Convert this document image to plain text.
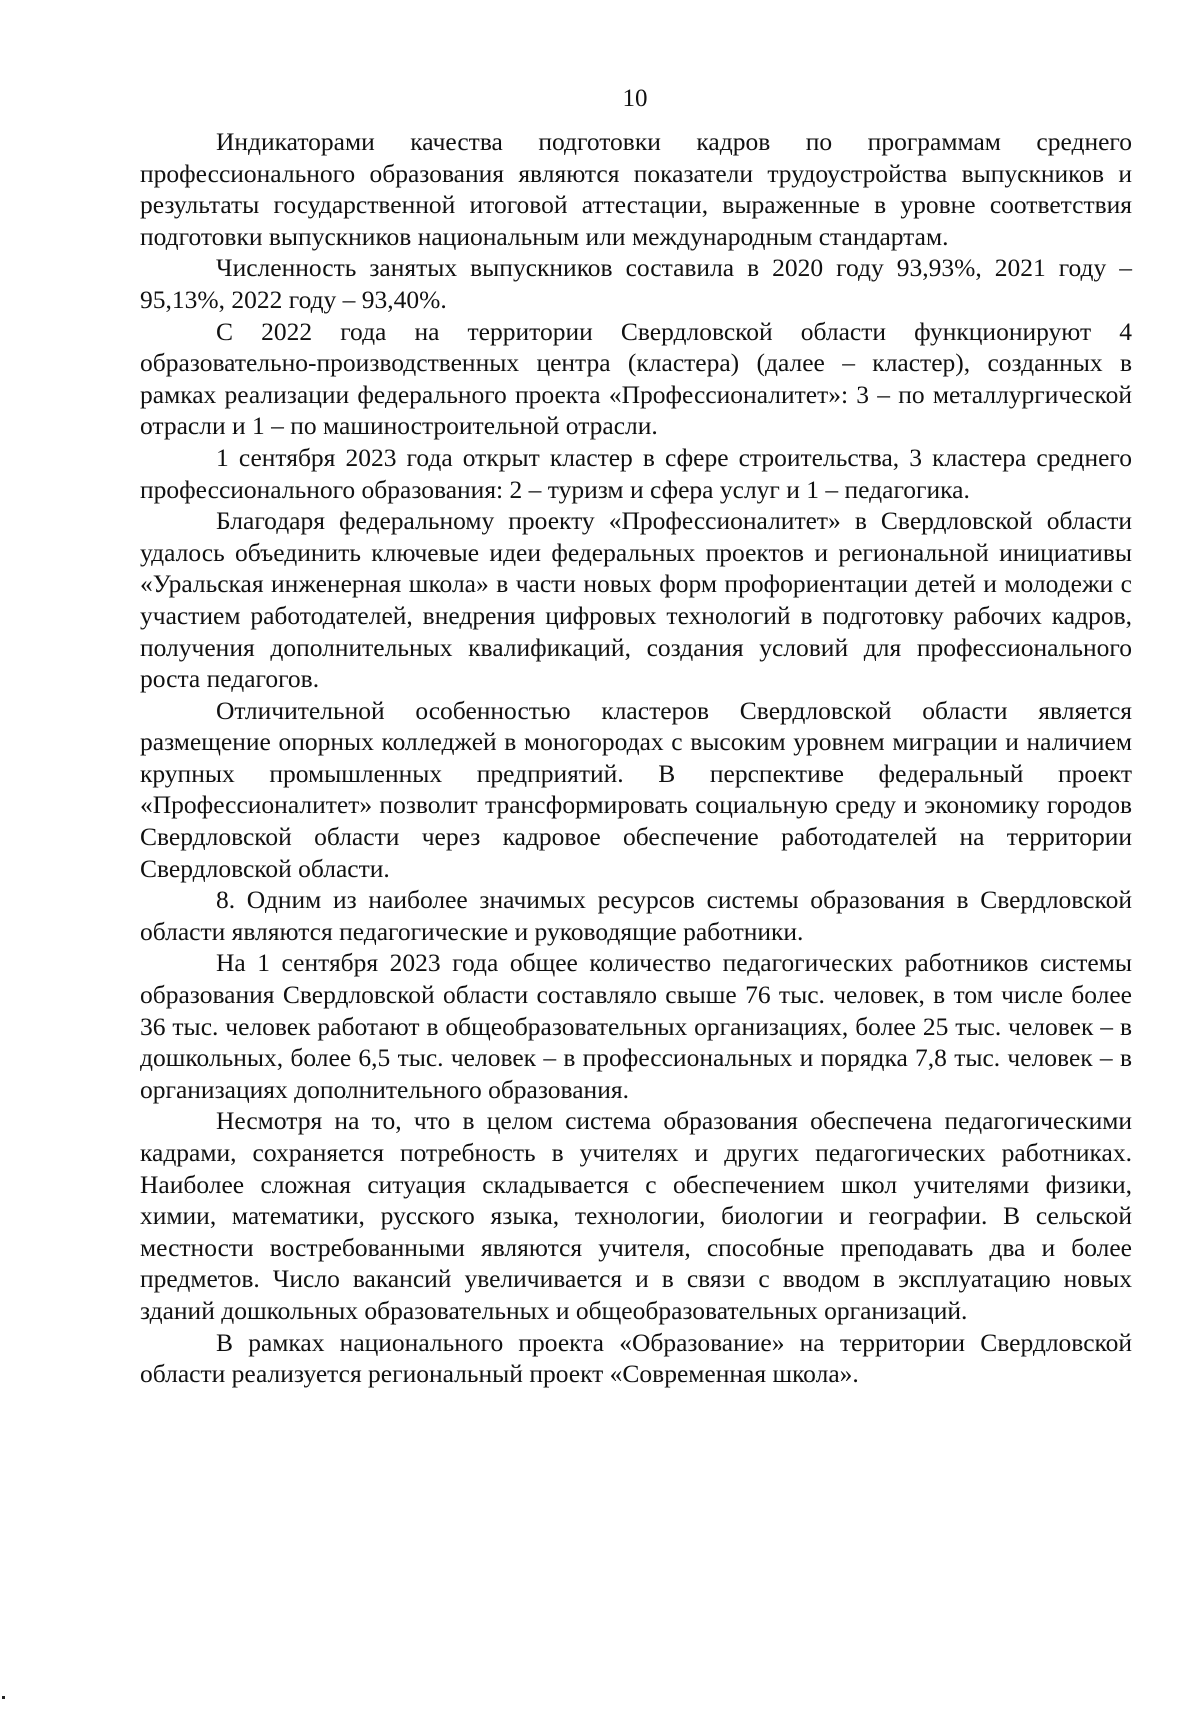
10

Индикаторами качества подготовки кадров по программам среднего профессионального образования являются показатели трудоустройства выпускников и результаты государственной итоговой аттестации, выраженные в уровне соответствия подготовки выпускников национальным или международным стандартам.

Численность занятых выпускников составила в 2020 году 93,93%, 2021 году – 95,13%, 2022 году – 93,40%.

С 2022 года на территории Свердловской области функционируют 4 образовательно-производственных центра (кластера) (далее – кластер), созданных в рамках реализации федерального проекта «Профессионалитет»: 3 – по металлургической отрасли и 1 – по машиностроительной отрасли.

1 сентября 2023 года открыт кластер в сфере строительства, 3 кластера среднего профессионального образования: 2 – туризм и сфера услуг и 1 – педагогика.

Благодаря федеральному проекту «Профессионалитет» в Свердловской области удалось объединить ключевые идеи федеральных проектов и региональной инициативы «Уральская инженерная школа» в части новых форм профориентации детей и молодежи с участием работодателей, внедрения цифровых технологий в подготовку рабочих кадров, получения дополнительных квалификаций, создания условий для профессионального роста педагогов.

Отличительной особенностью кластеров Свердловской области является размещение опорных колледжей в моногородах с высоким уровнем миграции и наличием крупных промышленных предприятий. В перспективе федеральный проект «Профессионалитет» позволит трансформировать социальную среду и экономику городов Свердловской области через кадровое обеспечение работодателей на территории Свердловской области.

8. Одним из наиболее значимых ресурсов системы образования в Свердловской области являются педагогические и руководящие работники.

На 1 сентября 2023 года общее количество педагогических работников системы образования Свердловской области составляло свыше 76 тыс. человек, в том числе более 36 тыс. человек работают в общеобразовательных организациях, более 25 тыс. человек – в дошкольных, более 6,5 тыс. человек – в профессиональных и порядка 7,8 тыс. человек – в организациях дополнительного образования.

Несмотря на то, что в целом система образования обеспечена педагогическими кадрами, сохраняется потребность в учителях и других педагогических работниках. Наиболее сложная ситуация складывается с обеспечением школ учителями физики, химии, математики, русского языка, технологии, биологии и географии. В сельской местности востребованными являются учителя, способные преподавать два и более предметов. Число вакансий увеличивается и в связи с вводом в эксплуатацию новых зданий дошкольных образовательных и общеобразовательных организаций.

В рамках национального проекта «Образование» на территории Свердловской области реализуется региональный проект «Современная школа».
